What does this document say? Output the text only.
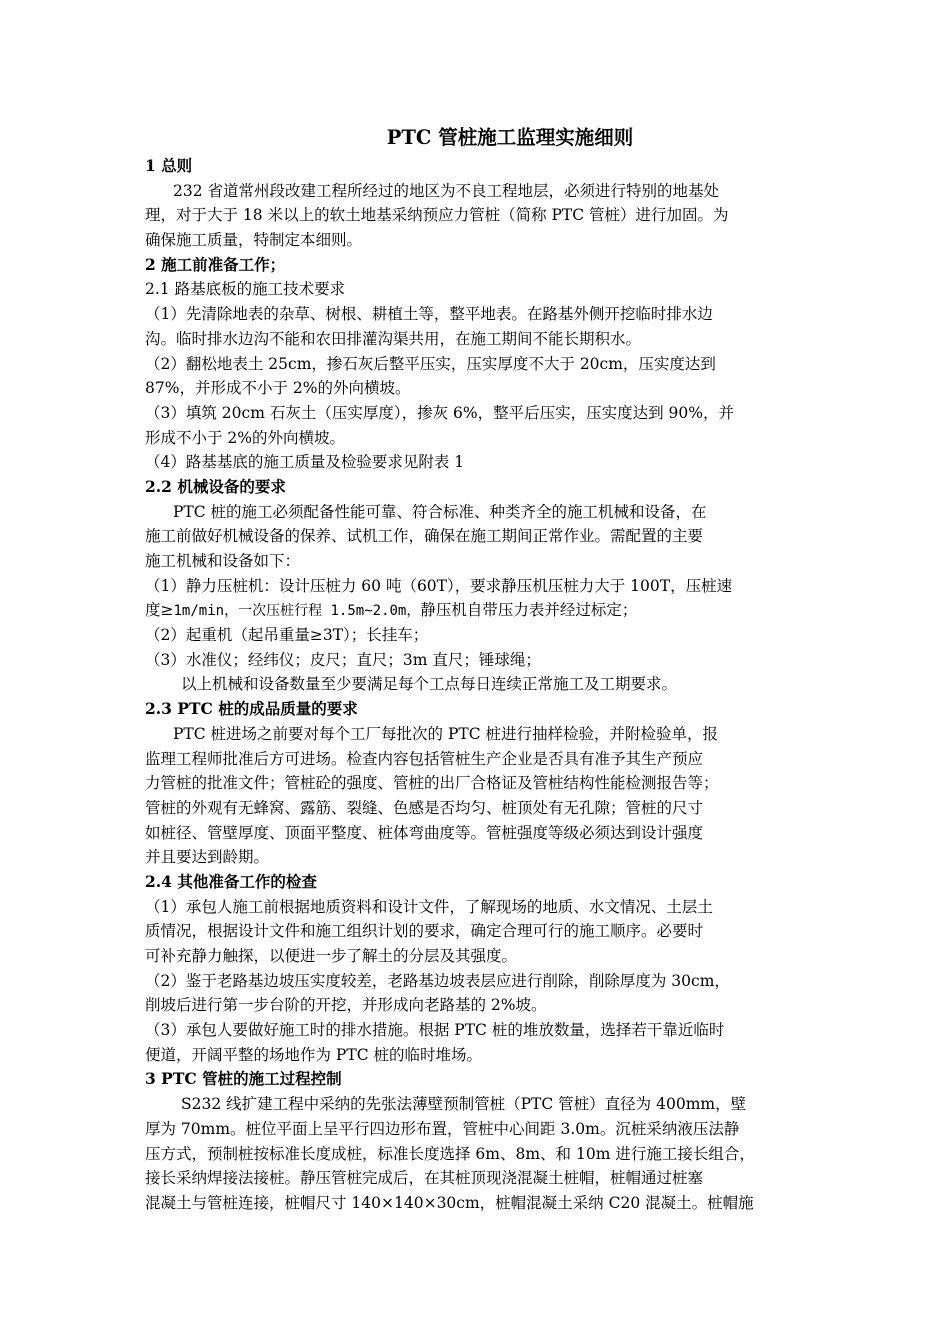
PTC 管桩施工监理实施细则
1 总则
232 省道常州段改建工程所经过的地区为不良工程地层，必须进行特别的地基处
理，对于大于 18 米以上的软土地基采纳预应力管桩（简称 PTC 管桩）进行加固。为
确保施工质量，特制定本细则。
2 施工前准备工作；
2.1 路基底板的施工技术要求
（1）先清除地表的杂草、树根、耕植土等，整平地表。在路基外侧开挖临时排水边
沟。临时排水边沟不能和农田排灌沟渠共用，在施工期间不能长期积水。
（2）翻松地表土 25cm，掺石灰后整平压实，压实厚度不大于 20cm，压实度达到
87%，并形成不小于 2%的外向横坡。
（3）填筑 20cm 石灰土（压实厚度），掺灰 6%，整平后压实，压实度达到 90%，并
形成不小于 2%的外向横坡。
（4）路基基底的施工质量及检验要求见附表 1
2.2 机械设备的要求
PTC 桩的施工必须配备性能可靠、符合标准、种类齐全的施工机械和设备，在
施工前做好机械设备的保养、试机工作，确保在施工期间正常作业。需配置的主要
施工机械和设备如下：
（1）静力压桩机：设计压桩力 60 吨（60T），要求静压机压桩力大于 100T，压桩速
度≥1m/min，一次压桩行程 1.5m~2.0m，静压机自带压力表并经过标定；
（2）起重机（起吊重量≥3T）；长挂车；
（3）水准仪；经纬仪；皮尺；直尺；3m 直尺；锤球绳；
以上机械和设备数量至少要满足每个工点每日连续正常施工及工期要求。
2.3 PTC 桩的成品质量的要求
PTC 桩进场之前要对每个工厂每批次的 PTC 桩进行抽样检验，并附检验单，报
监理工程师批准后方可进场。检查内容包括管桩生产企业是否具有准予其生产预应
力管桩的批准文件；管桩砼的强度、管桩的出厂合格证及管桩结构性能检测报告等；
管桩的外观有无蜂窝、露筋、裂缝、色感是否均匀、桩顶处有无孔隙；管桩的尺寸
如桩径、管壁厚度、顶面平整度、桩体弯曲度等。管桩强度等级必须达到设计强度
并且要达到龄期。
2.4 其他准备工作的检查
（1）承包人施工前根据地质资料和设计文件，了解现场的地质、水文情况、土层土
质情况，根据设计文件和施工组织计划的要求，确定合理可行的施工顺序。必要时
可补充静力触探，以便进一步了解土的分层及其强度。
（2）鉴于老路基边坡压实度较差，老路基边坡表层应进行削除，削除厚度为 30cm，
削坡后进行第一步台阶的开挖，并形成向老路基的 2%坡。
（3）承包人要做好施工时的排水措施。根据 PTC 桩的堆放数量，选择若干靠近临时
便道，开阔平整的场地作为 PTC 桩的临时堆场。
3 PTC 管桩的施工过程控制
S232 线扩建工程中采纳的先张法薄壁预制管桩（PTC 管桩）直径为 400mm，壁
厚为 70mm。桩位平面上呈平行四边形布置，管桩中心间距 3.0m。沉桩采纳液压法静
压方式，预制桩按标准长度成桩，标准长度选择 6m、8m、和 10m 进行施工接长组合，
接长采纳焊接法接桩。静压管桩完成后，在其桩顶现浇混凝土桩帽，桩帽通过桩塞
混凝土与管桩连接，桩帽尺寸 140×140×30cm，桩帽混凝土采纳 C20 混凝土。桩帽施
